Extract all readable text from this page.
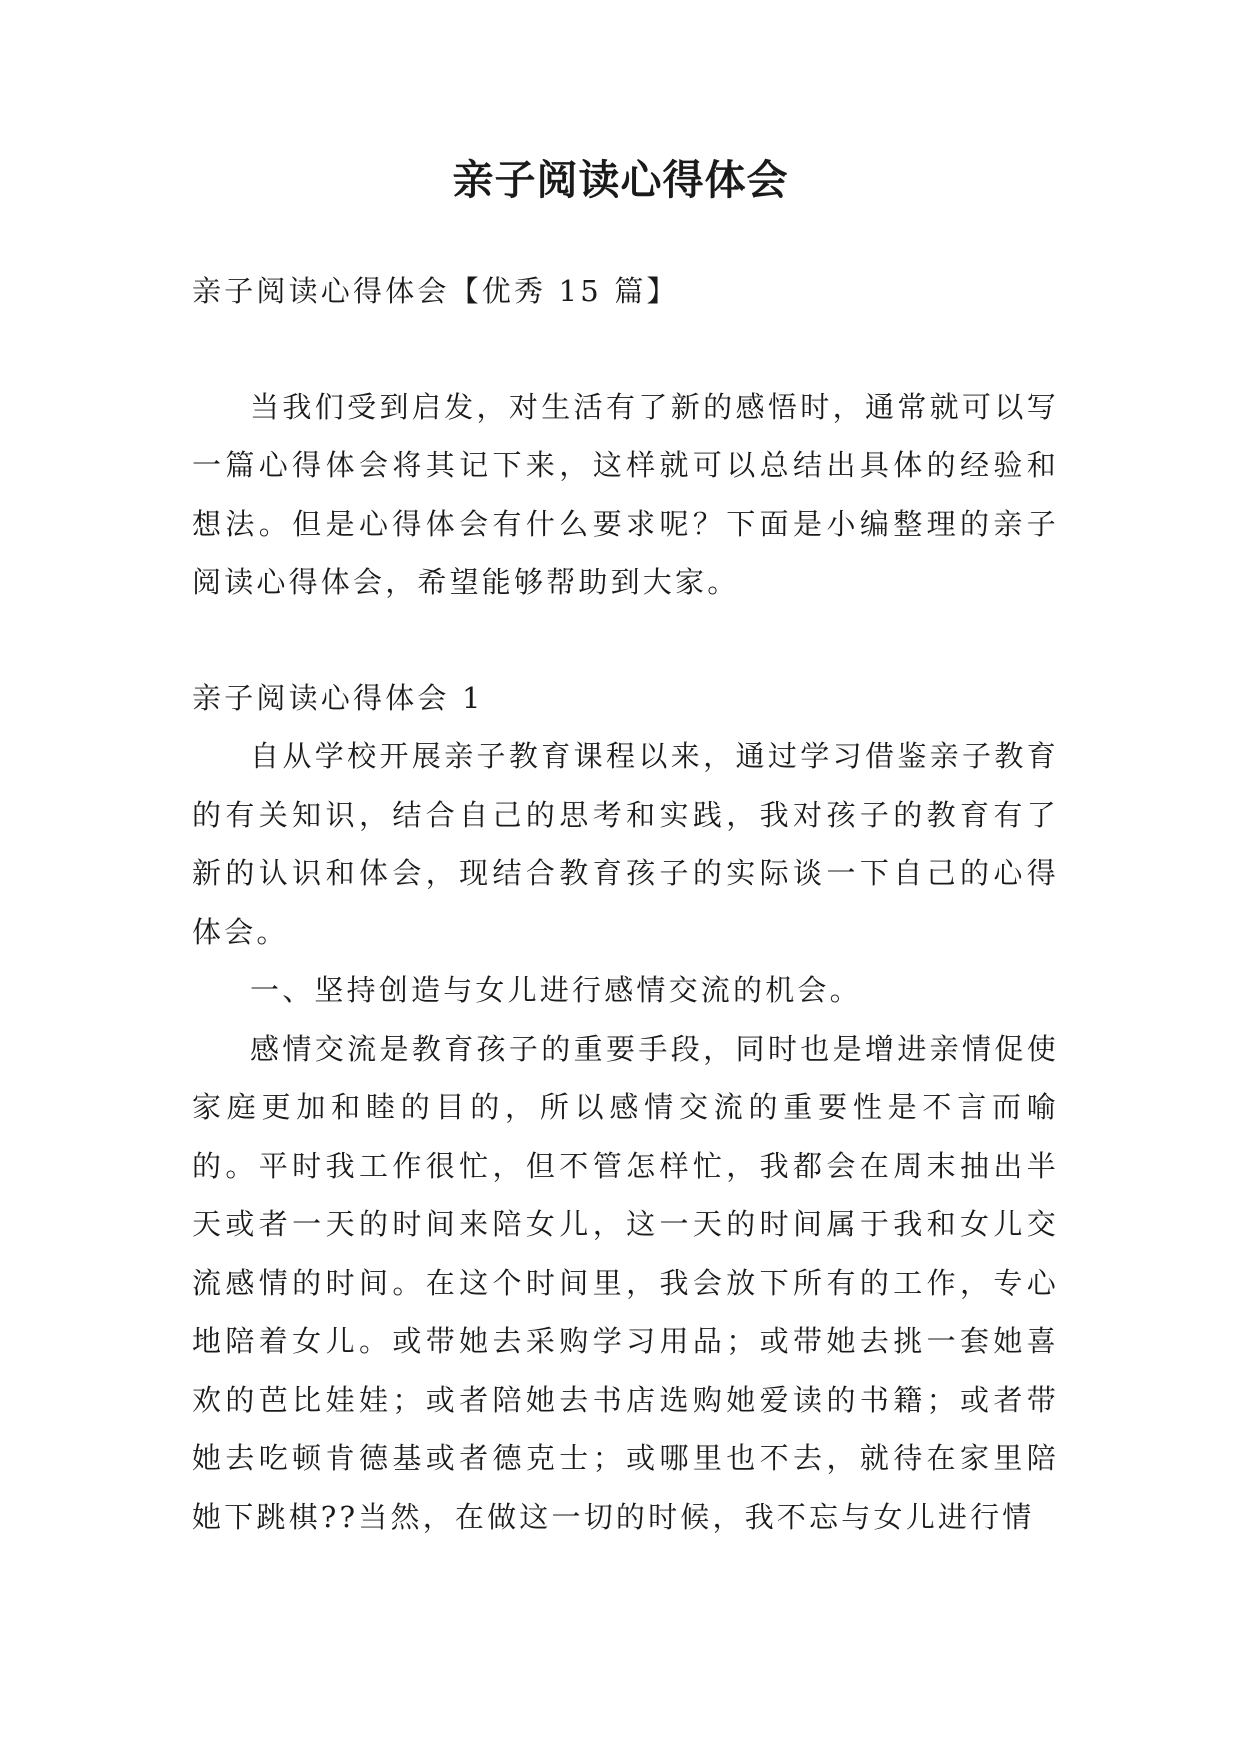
亲子阅读心得体会

亲子阅读心得体会【优秀 15 篇】

当我们受到启发，对生活有了新的感悟时，通常就可以写一篇心得体会将其记下来，这样就可以总结出具体的经验和想法。但是心得体会有什么要求呢？下面是小编整理的亲子阅读心得体会，希望能够帮助到大家。

亲子阅读心得体会 1

自从学校开展亲子教育课程以来，通过学习借鉴亲子教育的有关知识，结合自己的思考和实践，我对孩子的教育有了新的认识和体会，现结合教育孩子的实际谈一下自己的心得体会。

一、坚持创造与女儿进行感情交流的机会。

感情交流是教育孩子的重要手段，同时也是增进亲情促使家庭更加和睦的目的，所以感情交流的重要性是不言而喻的。平时我工作很忙，但不管怎样忙，我都会在周末抽出半天或者一天的时间来陪女儿，这一天的时间属于我和女儿交流感情的时间。在这个时间里，我会放下所有的工作，专心地陪着女儿。或带她去采购学习用品；或带她去挑一套她喜欢的芭比娃娃；或者陪她去书店选购她爱读的书籍；或者带她去吃顿肯德基或者德克士；或哪里也不去，就待在家里陪她下跳棋??当然，在做这一切的时候，我不忘与女儿进行情
